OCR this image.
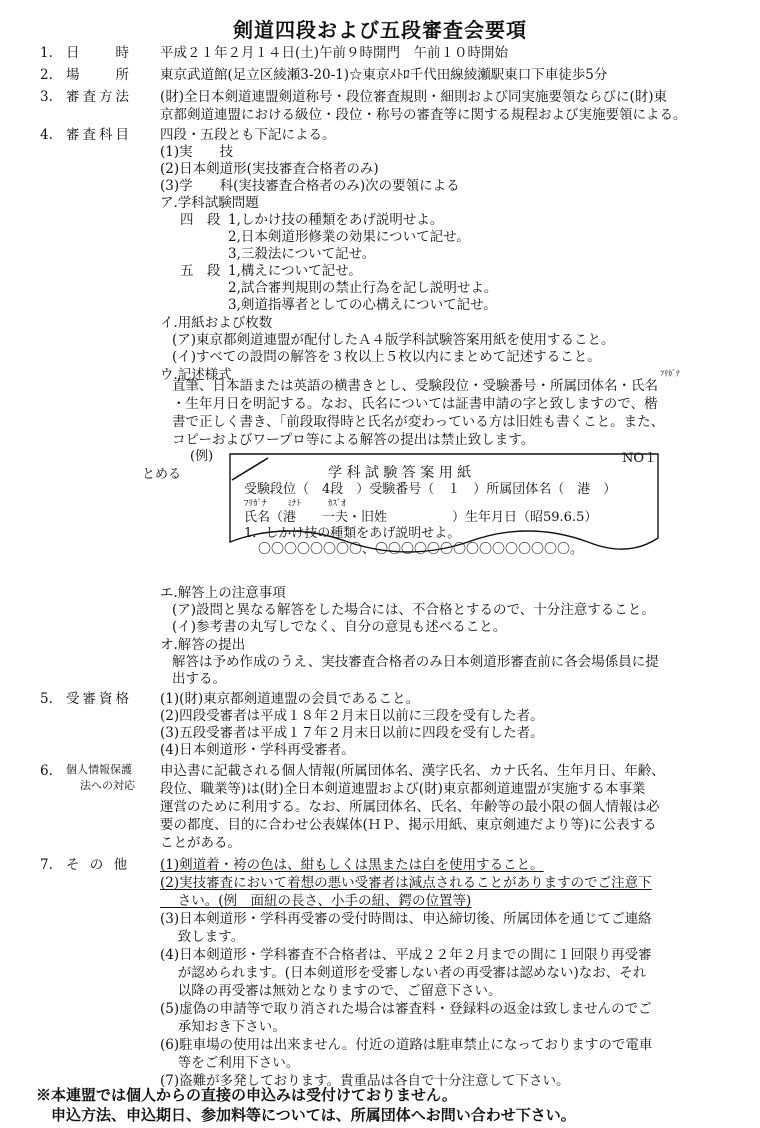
剣道四段および五段審査会要項
1. 日　　時 平成２１年２月１４日(土)午前９時開門　午前１０時開始
2. 場　　所 東京武道館(足立区綾瀬3-20-1)☆東京ﾒﾄﾛ千代田線綾瀬駅東口下車徒歩5分
3. 審査方法 (財)全日本剣道連盟剣道称号・段位審査規則・細則および同実施要領ならびに(財)東
京都剣道連盟における級位・段位・称号の審査等に関する規程および実施要領による。
4. 審査科目 四段・五段とも下記による。
(1)実　　技
(2)日本剣道形(実技審査合格者のみ)
(3)学　　科(実技審査合格者のみ)次の要領による
ア.学科試験問題
四　段 1,しかけ技の種類をあげ説明せよ。
2,日本剣道形修業の効果について記せ。
3,三殺法について記せ。
五　段 1,構えについて記せ。
2,試合審判規則の禁止行為を記し説明せよ。
3,剣道指導者としての心構えについて記せ。
イ.用紙および枚数
(ア)東京都剣道連盟が配付したＡ４版学科試験答案用紙を使用すること。
(イ)すべての設問の解答を３枚以上５枚以内にまとめて記述すること。
ウ.記述様式	ﾌﾘｶﾞﾅ
直筆、日本語または英語の横書きとし、受験段位・受験番号・所属団体名・氏名
・生年月日を明記する。なお、氏名については証書申請の字と致しますので、楷
書で正しく書き、「前段取得時と氏名が変わっている方は旧姓も書くこと。また、
コピーおよびワープロ等による解答の提出は禁止致します。
(例)
とめる
NO１
学 科 試 験 答 案 用 紙
受験段位（　4段　）受験番号（　１　）所属団体名（　港　）
ﾌﾘｶﾞﾅ　　 ﾐﾅﾄ　　　ｶｽﾞｵ
氏名（港　　一夫・旧姓　　　　　）生年月日（昭59.6.5）
1．しかけ技の種類をあげ説明せよ。
〇〇〇〇〇〇〇〇、〇〇〇〇〇〇〇〇〇〇〇〇〇〇〇。
エ.解答上の注意事項
(ア)設問と異なる解答をした場合には、不合格とするので、十分注意すること。
(イ)参考書の丸写しでなく、自分の意見も述べること。
オ.解答の提出
解答は予め作成のうえ、実技審査合格者のみ日本剣道形審査前に各会場係員に提
出する。
5. 受審資格 (1)(財)東京都剣道連盟の会員であること。
(2)四段受審者は平成１８年２月末日以前に三段を受有した者。
(3)五段受審者は平成１７年２月末日以前に四段を受有した者。
(4)日本剣道形・学科再受審者。
6. 個人情報保護
法への対応
申込書に記載される個人情報(所属団体名、漢字氏名、カナ氏名、生年月日、年齢、
段位、職業等)は(財)全日本剣道連盟および(財)東京都剣道連盟が実施する本事業
運営のために利用する。なお、所属団体名、氏名、年齢等の最小限の個人情報は必
要の都度、目的に合わせ公表媒体(ＨＰ、掲示用紙、東京剣連だより等)に公表する
ことがある。
7. そ の 他 (1)剣道着・袴の色は、紺もしくは黒または白を使用すること。
(2)実技審査において着想の悪い受審者は減点されることがありますのでご注意下
　 さい。(例　面紐の長さ、小手の紐、鍔の位置等)
(3)日本剣道形・学科再受審の受付時間は、申込締切後、所属団体を通じてご連絡
　 致します。
(4)日本剣道形・学科審査不合格者は、平成２２年２月までの間に１回限り再受審
　 が認められます。(日本剣道形を受審しない者の再受審は認めない)なお、それ
　 以降の再受審は無効となりますので、ご留意下さい。
(5)虚偽の申請等で取り消された場合は審査料・登録料の返金は致しませんのでご
　 承知おき下さい。
(6)駐車場の使用は出来ません。付近の道路は駐車禁止になっておりますので電車
　 等をご利用下さい。
(7)盗難が多発しております。貴重品は各自で十分注意して下さい。
※本連盟では個人からの直接の申込みは受付けておりません。
　申込方法、申込期日、参加料等については、所属団体へお問い合わせ下さい。
